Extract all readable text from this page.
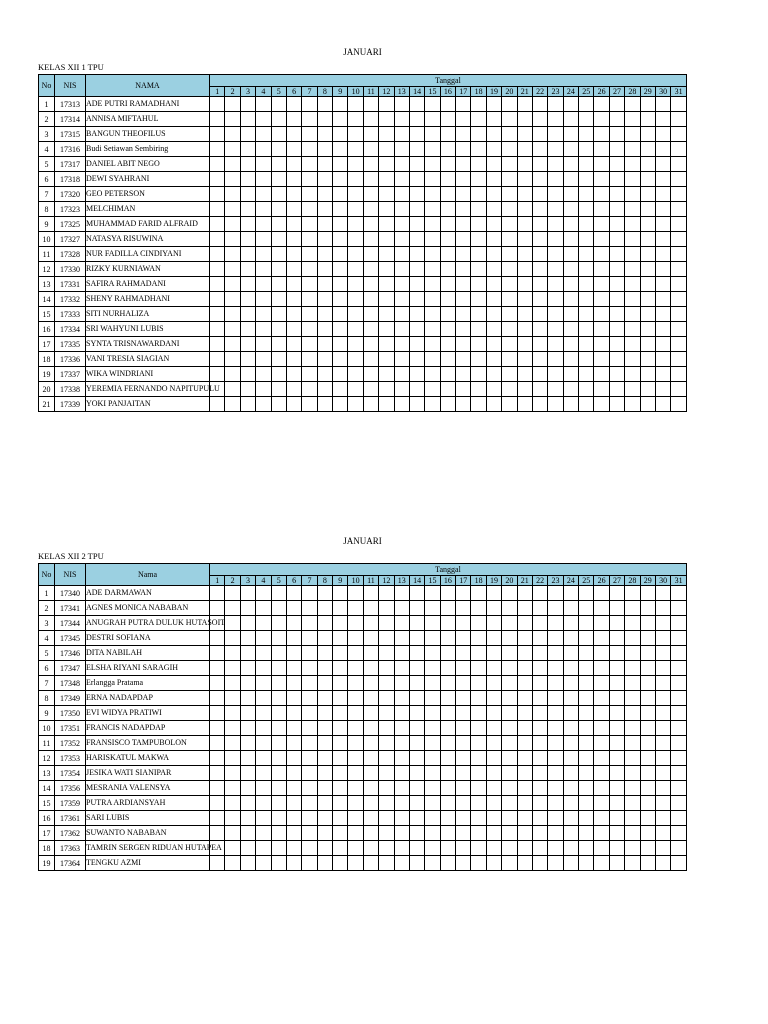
JANUARI
KELAS XII 1 TPU
No	NIS	NAMA	Tanggal																														
			1	2	3	4	5	6	7	8	9	10	11	12	13	14	15	16	17	18	19	20	21	22	23	24	25	26	27	28	29	30	31
1	17313	ADE PUTRI RAMADHANI																															
2	17314	ANNISA MIFTAHUL																															
3	17315	BANGUN THEOFILUS																															
4	17316	Budi Setiawan Sembiring																															
5	17317	DANIEL ABIT NEGO																															
6	17318	DEWI SYAHRANI																															
7	17320	GEO PETERSON																															
8	17323	MELCHIMAN																															
9	17325	MUHAMMAD FARID ALFRAID																															
10	17327	NATASYA RISUWINA																															
11	17328	NUR FADILLA CINDIYANI																															
12	17330	RIZKY KURNIAWAN																															
13	17331	SAFIRA RAHMADANI																															
14	17332	SHENY RAHMADHANI																															
15	17333	SITI NURHALIZA																															
16	17334	SRI WAHYUNI LUBIS																															
17	17335	SYNTA TRISNAWARDANI																															
18	17336	VANI TRESIA SIAGIAN																															
19	17337	WIKA WINDRIANI																															
20	17338	YEREMIA FERNANDO NAPITUPULU																															
21	17339	YOKI PANJAITAN																															
JANUARI
KELAS XII 2 TPU
No	NIS	Nama	Tanggal																														
			1	2	3	4	5	6	7	8	9	10	11	12	13	14	15	16	17	18	19	20	21	22	23	24	25	26	27	28	29	30	31
1	17340	ADE DARMAWAN																															
2	17341	AGNES MONICA NABABAN																															
3	17344	ANUGRAH PUTRA DULUK HUTASOIT																															
4	17345	DESTRI SOFIANA																															
5	17346	DITA NABILAH																															
6	17347	ELSHA RIYANI SARAGIH																															
7	17348	Erlangga Pratama																															
8	17349	ERNA NADAPDAP																															
9	17350	EVI WIDYA PRATIWI																															
10	17351	FRANCIS NADAPDAP																															
11	17352	FRANSISCO TAMPUBOLON																															
12	17353	HARISKATUL MAKWA																															
13	17354	JESIKA WATI SIANIPAR																															
14	17356	MESRANIA VALENSYA																															
15	17359	PUTRA ARDIANSYAH																															
16	17361	SARI LUBIS																															
17	17362	SUWANTO NABABAN																															
18	17363	TAMRIN SERGEN RIDUAN HUTAPEA																															
19	17364	TENGKU AZMI																															
